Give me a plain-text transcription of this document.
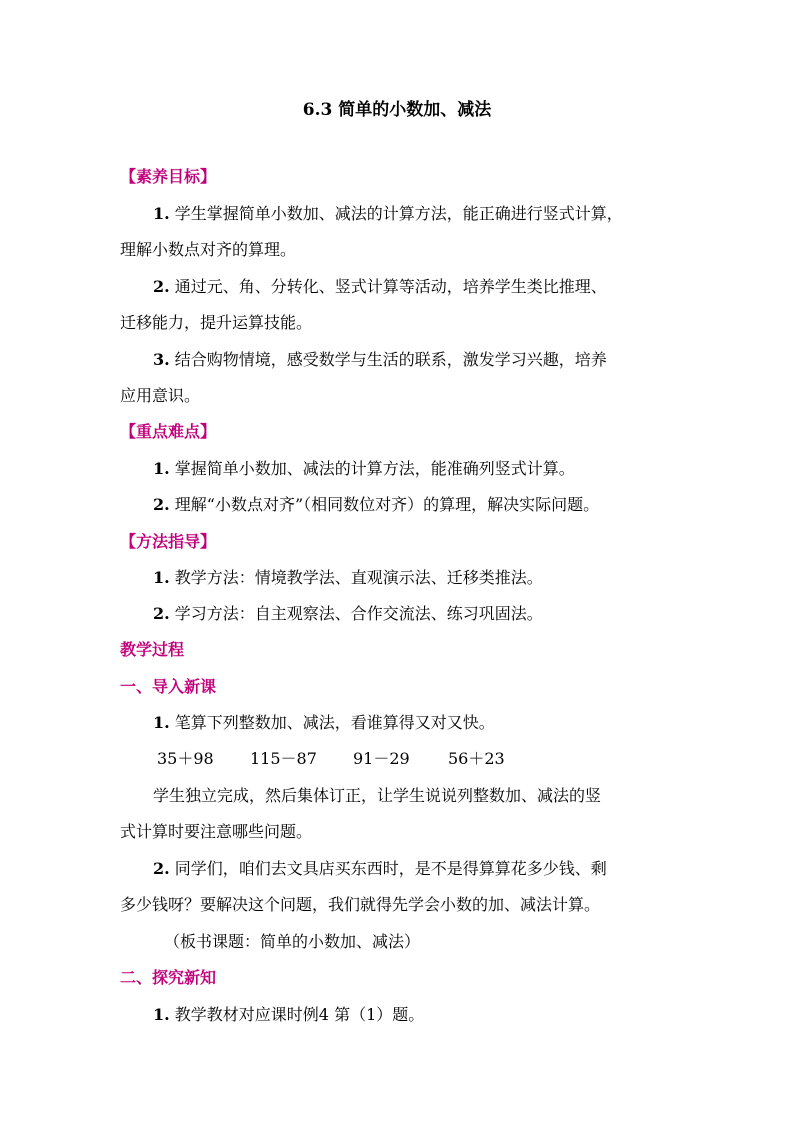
6.3 简单的小数加、减法
【素养目标】
1. 学生掌握简单小数加、减法的计算方法，能正确进行竖式计算，
理解小数点对齐的算理。
2. 通过元、角、分转化、竖式计算等活动，培养学生类比推理、
迁移能力，提升运算技能。
3. 结合购物情境，感受数学与生活的联系，激发学习兴趣，培养
应用意识。
【重点难点】
1. 掌握简单小数加、减法的计算方法，能准确列竖式计算。
2. 理解“小数点对齐”（相同数位对齐）的算理，解决实际问题。
【方法指导】
1. 教学方法：情境教学法、直观演示法、迁移类推法。
2. 学习方法：自主观察法、合作交流法、练习巩固法。
教学过程
一、导入新课
1. 笔算下列整数加、减法，看谁算得又对又快。
35＋98 115－87 91－29 56＋23
学生独立完成，然后集体订正，让学生说说列整数加、减法的竖
式计算时要注意哪些问题。
2. 同学们，咱们去文具店买东西时，是不是得算算花多少钱、剩
多少钱呀？要解决这个问题，我们就得先学会小数的加、减法计算。
（板书课题：简单的小数加、减法）
二、探究新知
1. 教学教材对应课时例4 第（1）题。
